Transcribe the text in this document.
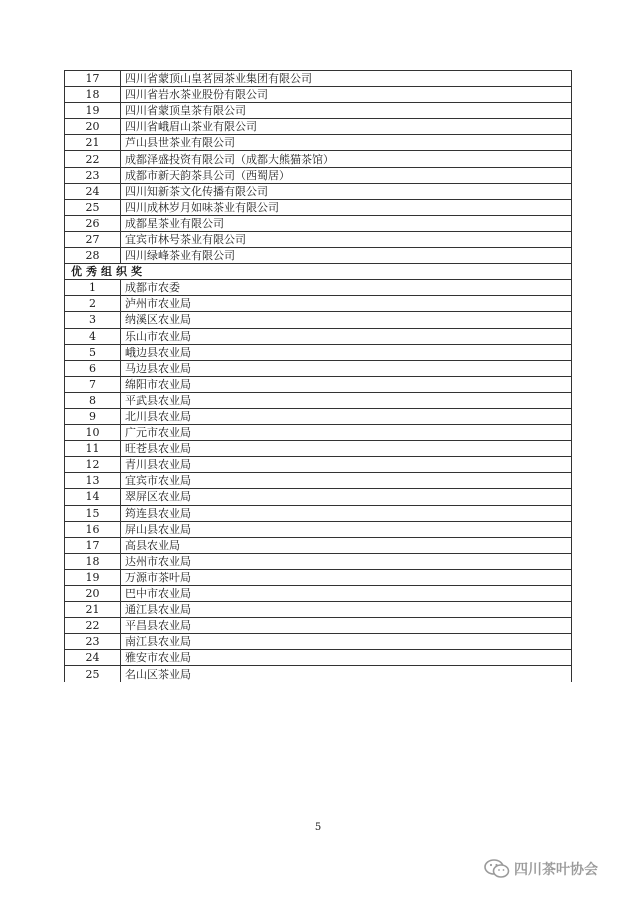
17	四川省蒙顶山皇茗园茶业集团有限公司
18	四川省岩水茶业股份有限公司
19	四川省蒙顶皇茶有限公司
20	四川省峨眉山茶业有限公司
21	芦山县世茶业有限公司
22	成都泽盛投资有限公司（成都大熊猫茶馆）
23	成都市新天韵茶具公司（西蜀居）
24	四川知新茶文化传播有限公司
25	四川成林岁月如味茶业有限公司
26	成都星茶业有限公司
27	宜宾市林号茶业有限公司
28	四川绿峰茶业有限公司
优秀组织奖	
1	成都市农委
2	泸州市农业局
3	纳溪区农业局
4	乐山市农业局
5	峨边县农业局
6	马边县农业局
7	绵阳市农业局
8	平武县农业局
9	北川县农业局
10	广元市农业局
11	旺苍县农业局
12	青川县农业局
13	宜宾市农业局
14	翠屏区农业局
15	筠连县农业局
16	屏山县农业局
17	高县农业局
18	达州市农业局
19	万源市茶叶局
20	巴中市农业局
21	通江县农业局
22	平昌县农业局
23	南江县农业局
24	雅安市农业局
25	名山区茶业局
5
四川茶叶协会
